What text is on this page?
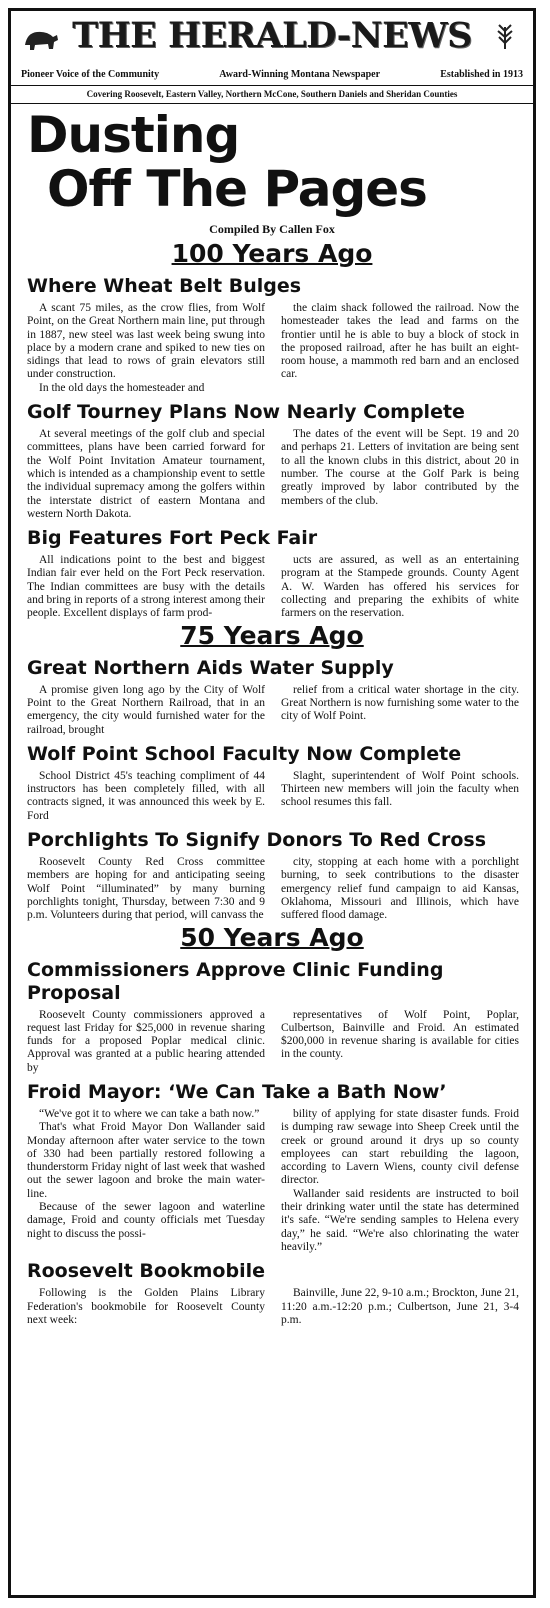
THE HERALD-NEWS
Pioneer Voice of the Community	Award-Winning Montana Newspaper	Established in 1913
Covering Roosevelt, Eastern Valley, Northern McCone, Southern Daniels and Sheridan Counties
Dusting
Off The Pages
Compiled By Callen Fox
100 Years Ago
Where Wheat Belt Bulges

A scant 75 miles, as the crow flies, from Wolf Point, on the Great Northern main line, put through in 1887, new steel was last week being swung into place by a modern crane and spiked to new ties on sidings that lead to rows of grain elevators still under construction.

In the old days the homesteader and

the claim shack followed the railroad. Now the homesteader takes the lead and farms on the frontier until he is able to buy a block of stock in the proposed railroad, after he has built an eight-room house, a mammoth red barn and an enclosed car.

Golf Tourney Plans Now Nearly Complete

At several meetings of the golf club and special committees, plans have been carried forward for the Wolf Point Invitation Amateur tournament, which is intended as a championship event to settle the individual supremacy among the golfers within the interstate district of eastern Montana and western North Dakota.

The dates of the event will be Sept. 19 and 20 and perhaps 21. Letters of invitation are being sent to all the known clubs in this district, about 20 in number. The course at the Golf Park is being greatly improved by labor contributed by the members of the club.

Big Features Fort Peck Fair

All indications point to the best and biggest Indian fair ever held on the Fort Peck reservation. The Indian committees are busy with the details and bring in reports of a strong interest among their people. Excellent displays of farm prod-

ucts are assured, as well as an entertaining program at the Stampede grounds. County Agent A. W. Warden has offered his services for collecting and preparing the exhibits of white farmers on the reservation.

75 Years Ago
Great Northern Aids Water Supply

A promise given long ago by the City of Wolf Point to the Great Northern Railroad, that in an emergency, the city would furnished water for the railroad, brought

relief from a critical water shortage in the city. Great Northern is now furnishing some water to the city of Wolf Point.

Wolf Point School Faculty Now Complete

School District 45's teaching compliment of 44 instructors has been completely filled, with all contracts signed, it was announced this week by E. Ford

Slaght, superintendent of Wolf Point schools. Thirteen new members will join the faculty when school resumes this fall.

Porchlights To Signify Donors To Red Cross

Roosevelt County Red Cross committee members are hoping for and anticipating seeing Wolf Point “illuminated” by many burning porchlights tonight, Thursday, between 7:30 and 9 p.m. Volunteers during that period, will canvass the

city, stopping at each home with a porchlight burning, to seek contributions to the disaster emergency relief fund campaign to aid Kansas, Oklahoma, Missouri and Illinois, which have suffered flood damage.

50 Years Ago
Commissioners Approve Clinic Funding Proposal

Roosevelt County commissioners approved a request last Friday for $25,000 in revenue sharing funds for a proposed Poplar medical clinic. Approval was granted at a public hearing attended by

representatives of Wolf Point, Poplar, Culbertson, Bainville and Froid. An estimated $200,000 in revenue sharing is available for cities in the county.

Froid Mayor: ‘We Can Take a Bath Now’

“We've got it to where we can take a bath now.”

That's what Froid Mayor Don Wallander said Monday afternoon after water service to the town of 330 had been partially restored following a thunderstorm Friday night of last week that washed out the sewer lagoon and broke the main water-line.

Because of the sewer lagoon and waterline damage, Froid and county officials met Tuesday night to discuss the possi-

bility of applying for state disaster funds. Froid is dumping raw sewage into Sheep Creek until the creek or ground around it drys up so county employees can start rebuilding the lagoon, according to Lavern Wiens, county civil defense director.

Wallander said residents are instructed to boil their drinking water until the state has determined it's safe. “We're sending samples to Helena every day,” he said. “We're also chlorinating the water heavily.”

Roosevelt Bookmobile

Following is the Golden Plains Library Federation's bookmobile for Roosevelt County next week:

Bainville, June 22, 9-10 a.m.; Brockton, June 21, 11:20 a.m.-12:20 p.m.; Culbertson, June 21, 3-4 p.m.
